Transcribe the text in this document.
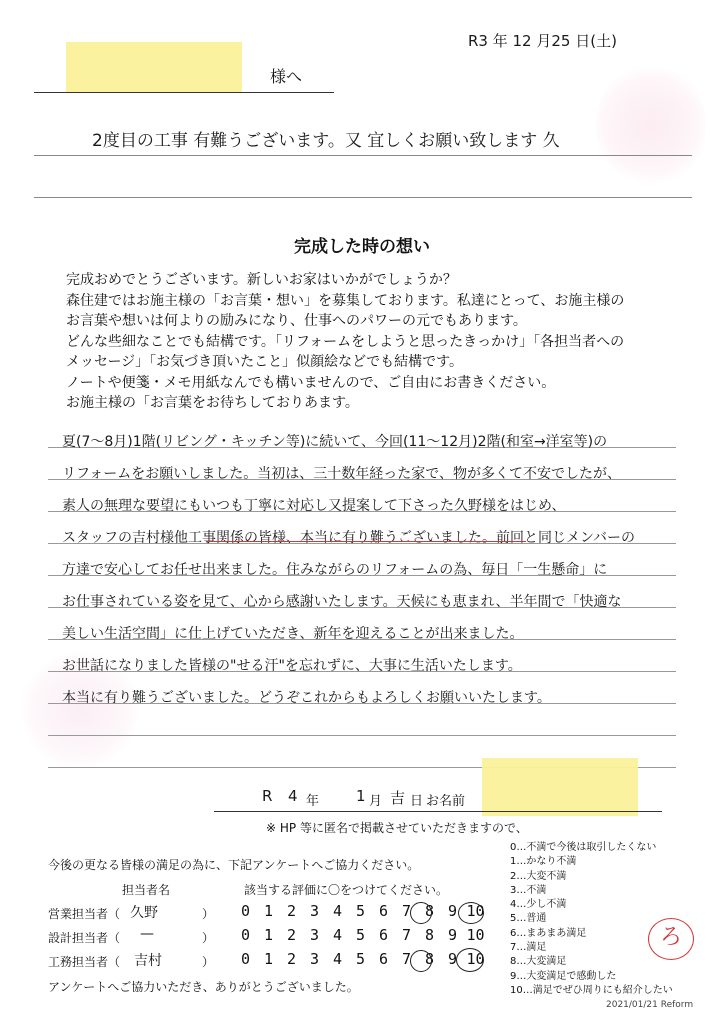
R3 年 12 月25 日(土)
様へ
2度目の工事 有難うございます。又 宜しくお願い致します 久
完成した時の想い
完成おめでとうございます。新しいお家はいかがでしょうか？
森住建ではお施主様の「お言葉・想い」を募集しております。私達にとって、お施主様の
お言葉や想いは何よりの励みになり、仕事へのパワーの元でもあります。
どんな些細なことでも結構です。「リフォームをしようと思ったきっかけ」「各担当者への
メッセージ」「お気づき頂いたこと」似顔絵などでも結構です。
ノートや便箋・メモ用紙なんでも構いませんので、ご自由にお書きください。
お施主様の「お言葉をお待ちしておりあます。
夏(7〜8月)1階(リビング・キッチン等)に続いて、今回(11〜12月)2階(和室→洋室等)の
リフォームをお願いしました。当初は、三十数年経った家で、物が多くて不安でしたが、
素人の無理な要望にもいつも丁寧に対応し又提案して下さった久野様をはじめ、
スタッフの吉村様他工事関係の皆様、本当に有り難うございました。前回と同じメンバーの
方達で安心してお任せ出来ました。住みながらのリフォームの為、毎日「一生懸命」に
お仕事されている姿を見て、心から感謝いたします。天候にも恵まれ、半年間で「快適な
美しい生活空間」に仕上げていただき、新年を迎えることが出来ました。
お世話になりました皆様の"せる汗"を忘れずに、大事に生活いたします。
本当に有り難うございました。どうぞこれからもよろしくお願いいたします。
R 4 年 1 月 吉 日 お名前
※ HP 等に匿名で掲載させていただきますので、
今後の更なる皆様の満足の為に、下記アンケートへご協力ください。
担当者名	該当する評価に〇をつけてください。
営業担当者（ 久野	）	0 1 2 3 4 5 6 7 8 9 10
設計担当者（ —	）	0 1 2 3 4 5 6 7 8 9 10
工務担当者（ 吉村	）	0 1 2 3 4 5 6 7 8 9 10
アンケートへご協力いただき、ありがとうございました。
0…不満で今後は取引したくない
1…かなり不満
2…大変不満
3…不満
4…少し不満
5…普通
6…まあまあ満足
7…満足
8…大変満足
9…大変満足で感動した
10…満足でぜひ周りにも紹介したい
ろ
2021/01/21 Reform
